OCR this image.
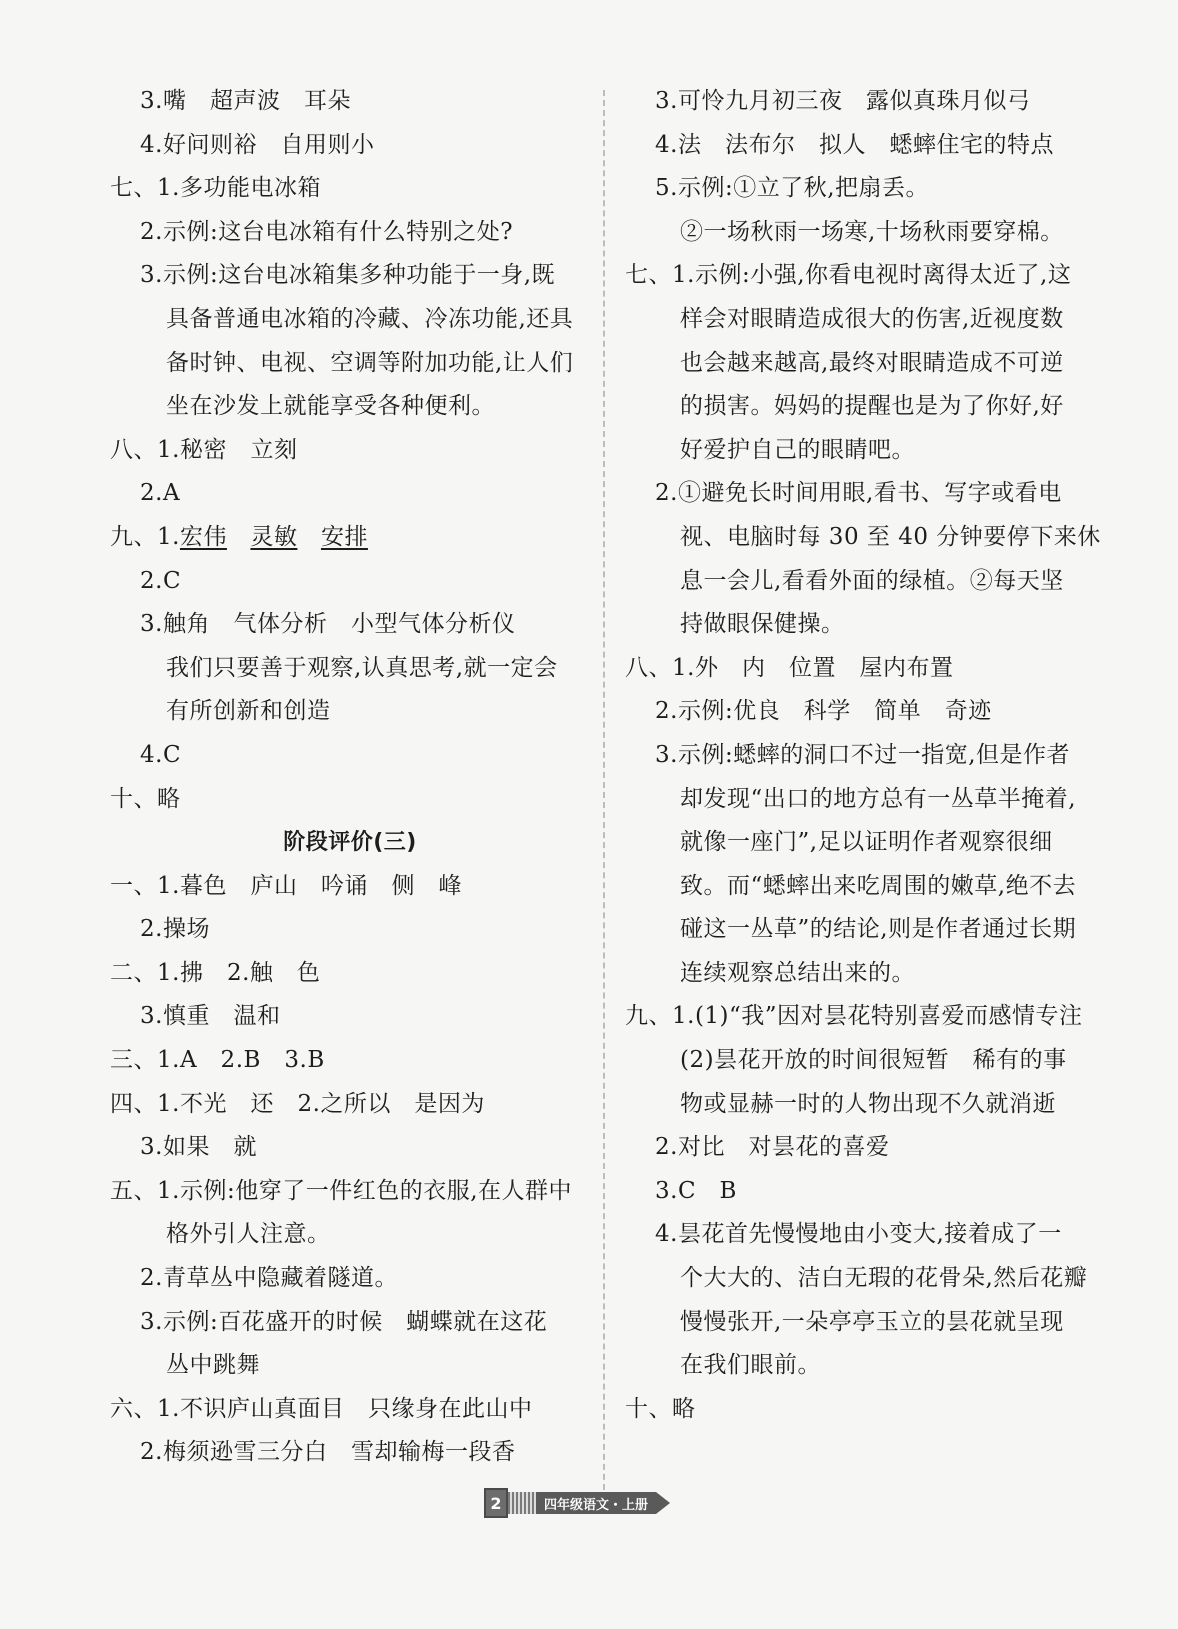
3.嘴　超声波　耳朵
4.好问则裕　自用则小
七、1.多功能电冰箱
2.示例:这台电冰箱有什么特别之处?
3.示例:这台电冰箱集多种功能于一身,既
具备普通电冰箱的冷藏、冷冻功能,还具
备时钟、电视、空调等附加功能,让人们
坐在沙发上就能享受各种便利。
八、1.秘密　立刻
2.A
九、1.宏伟　 灵敏　 安排
2.C
3.触角　气体分析　小型气体分析仪
我们只要善于观察,认真思考,就一定会
有所创新和创造
4.C
十、略
阶段评价(三)
一、1.暮色　庐山　吟诵　侧　峰
2.操场
二、1.拂　2.触　色
3.慎重　温和
三、1.A　2.B　3.B
四、1.不光　还　2.之所以　是因为
3.如果　就
五、1.示例:他穿了一件红色的衣服,在人群中
格外引人注意。
2.青草丛中隐藏着隧道。
3.示例:百花盛开的时候　蝴蝶就在这花
丛中跳舞
六、1.不识庐山真面目　只缘身在此山中
2.梅须逊雪三分白　雪却输梅一段香
3.可怜九月初三夜　露似真珠月似弓
4.法　法布尔　拟人　蟋蟀住宅的特点
5.示例:①立了秋,把扇丢。
②一场秋雨一场寒,十场秋雨要穿棉。
七、1.示例:小强,你看电视时离得太近了,这
样会对眼睛造成很大的伤害,近视度数
也会越来越高,最终对眼睛造成不可逆
的损害。妈妈的提醒也是为了你好,好
好爱护自己的眼睛吧。
2.①避免长时间用眼,看书、写字或看电
视、电脑时每 30 至 40 分钟要停下来休
息一会儿,看看外面的绿植。②每天坚
持做眼保健操。
八、1.外　内　位置　屋内布置
2.示例:优良　科学　简单　奇迹
3.示例:蟋蟀的洞口不过一指宽,但是作者
却发现“出口的地方总有一丛草半掩着,
就像一座门”,足以证明作者观察很细
致。而“蟋蟀出来吃周围的嫩草,绝不去
碰这一丛草”的结论,则是作者通过长期
连续观察总结出来的。
九、1.(1)“我”因对昙花特别喜爱而感情专注
(2)昙花开放的时间很短暂　稀有的事
物或显赫一时的人物出现不久就消逝
2.对比　对昙花的喜爱
3.C　B
4.昙花首先慢慢地由小变大,接着成了一
个大大的、洁白无瑕的花骨朵,然后花瓣
慢慢张开,一朵亭亭玉立的昙花就呈现
在我们眼前。
十、略
2	四年级语文・上册
